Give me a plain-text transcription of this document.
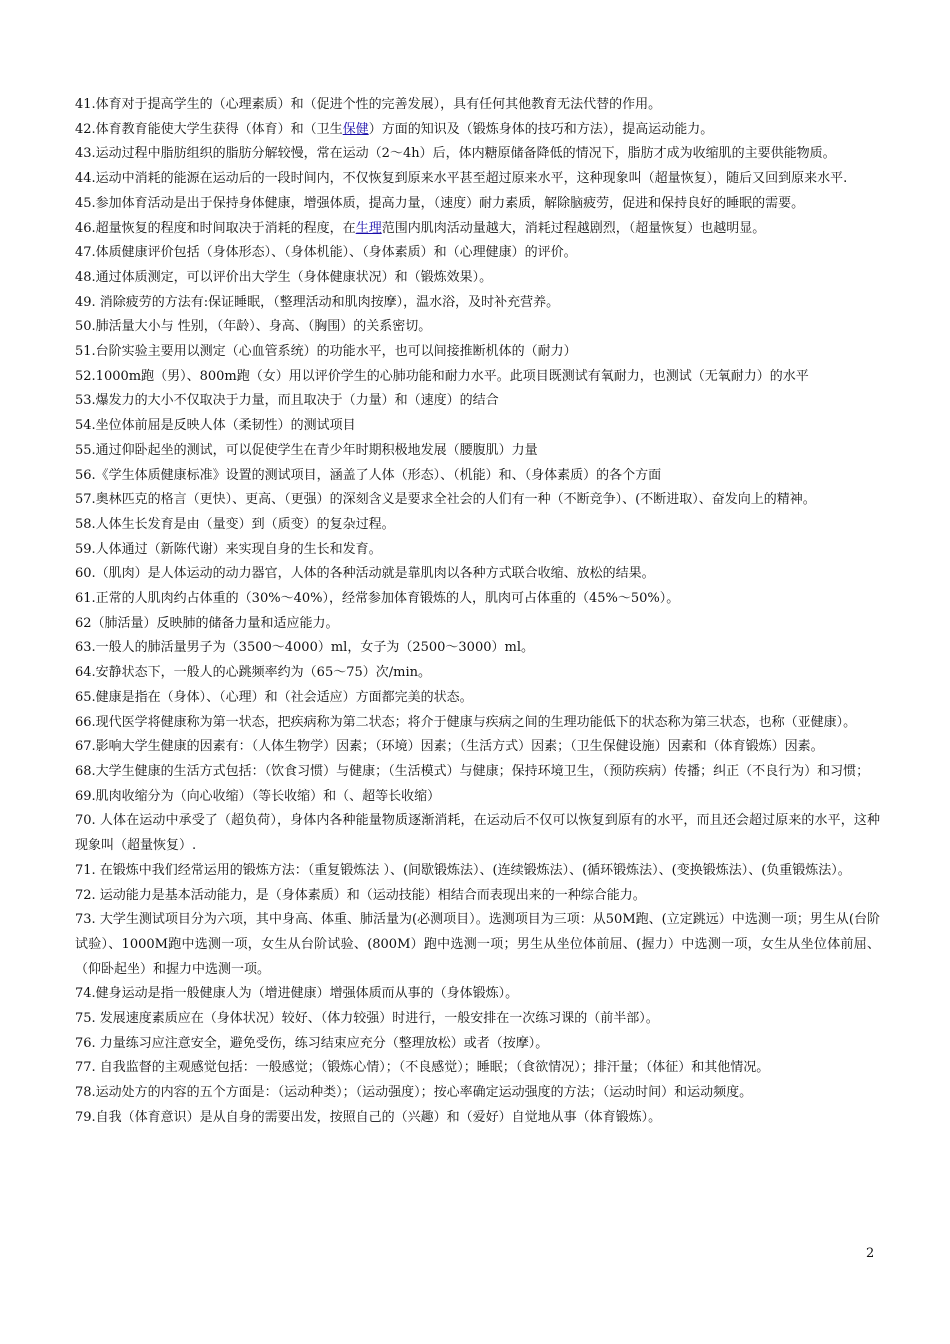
41.体育对于提高学生的（心理素质）和（促进个性的完善发展），具有任何其他教育无法代替的作用。

42.体育教育能使大学生获得（体育）和（卫生保健）方面的知识及（锻炼身体的技巧和方法），提高运动能力。

43.运动过程中脂肪组织的脂肪分解较慢，常在运动（2～4h）后，体内糖原储备降低的情况下，脂肪才成为收缩肌的主要供能物质。

44.运动中消耗的能源在运动后的一段时间内，不仅恢复到原来水平甚至超过原来水平，这种现象叫（超量恢复），随后又回到原来水平.

45.参加体育活动是出于保持身体健康，增强体质，提高力量，（速度）耐力素质，解除脑疲劳，促进和保持良好的睡眠的需要。

46.超量恢复的程度和时间取决于消耗的程度，在生理范围内肌肉活动量越大，消耗过程越剧烈，（超量恢复）也越明显。

47.体质健康评价包括（身体形态）、（身体机能）、（身体素质）和（心理健康）的评价。

48.通过体质测定，可以评价出大学生（身体健康状况）和（锻炼效果）。

49. 消除疲劳的方法有:保证睡眠，（整理活动和肌肉按摩），温水浴，及时补充营养。

50.肺活量大小与 性别，（年龄）、身高、（胸围）的关系密切。

51.台阶实验主要用以测定（心血管系统）的功能水平，也可以间接推断机体的（耐力）

52.1000m跑（男）、800m跑（女）用以评价学生的心肺功能和耐力水平。此项目既测试有氧耐力，也测试（无氧耐力）的水平

53.爆发力的大小不仅取决于力量，而且取决于（力量）和（速度）的结合

54.坐位体前屈是反映人体（柔韧性）的测试项目

55.通过仰卧起坐的测试，可以促使学生在青少年时期积极地发展（腰腹肌）力量

56.《学生体质健康标准》设置的测试项目，涵盖了人体（形态）、（机能）和、（身体素质）的各个方面

57.奥林匹克的格言（更快）、更高、（更强）的深刻含义是要求全社会的人们有一种（不断竞争）、(不断进取）、奋发向上的精神。

58.人体生长发育是由（量变）到（质变）的复杂过程。

59.人体通过（新陈代谢）来实现自身的生长和发育。

60.（肌肉）是人体运动的动力器官，人体的各种活动就是靠肌肉以各种方式联合收缩、放松的结果。

61.正常的人肌肉约占体重的（30%～40%），经常参加体育锻炼的人，肌肉可占体重的（45%～50%）。

62（肺活量）反映肺的储备力量和适应能力。

63.一般人的肺活量男子为（3500～4000）ml，女子为（2500～3000）ml。

64.安静状态下，一般人的心跳频率约为（65～75）次/min。

65.健康是指在（身体）、（心理）和（社会适应）方面都完美的状态。

66.现代医学将健康称为第一状态，把疾病称为第二状态；将介于健康与疾病之间的生理功能低下的状态称为第三状态，也称（亚健康）。

67.影响大学生健康的因素有：（人体生物学）因素；（环境）因素；（生活方式）因素；（卫生保健设施）因素和（体育锻炼）因素。

68.大学生健康的生活方式包括：（饮食习惯）与健康；（生活模式）与健康；保持环境卫生，（预防疾病）传播；纠正（不良行为）和习惯；

69.肌肉收缩分为（向心收缩）（等长收缩）和（、超等长收缩）

70. 人体在运动中承受了（超负荷），身体内各种能量物质逐渐消耗，在运动后不仅可以恢复到原有的水平，而且还会超过原来的水平，这种现象叫（超量恢复）.

71. 在锻炼中我们经常运用的锻炼方法：（重复锻炼法 ）、(间歇锻炼法）、(连续锻炼法）、(循环锻炼法）、(变换锻炼法）、(负重锻炼法）。

72. 运动能力是基本活动能力，是（身体素质）和（运动技能）相结合而表现出来的一种综合能力。

73. 大学生测试项目分为六项，其中身高、体重、肺活量为(必测项目）。选测项目为三项：从50M跑、(立定跳远）中选测一项；男生从(台阶试验）、1000M跑中选测一项，女生从台阶试验、(800M）跑中选测一项；男生从坐位体前屈、(握力）中选测一项，女生从坐位体前屈、（仰卧起坐）和握力中选测一项。

74.健身运动是指一般健康人为（增进健康）增强体质而从事的（身体锻炼）。

75. 发展速度素质应在（身体状况）较好、（体力较强）时进行，一般安排在一次练习课的（前半部）。

76. 力量练习应注意安全，避免受伤，练习结束应充分（整理放松）或者（按摩）。

77. 自我监督的主观感觉包括：一般感觉；（锻炼心情）；（不良感觉）；睡眠；（食欲情况）；排汗量；（体征）和其他情况。

78.运动处方的内容的五个方面是：（运动种类）；（运动强度）；按心率确定运动强度的方法；（运动时间）和运动频度。

79.自我（体育意识）是从自身的需要出发，按照自己的（兴趣）和（爱好）自觉地从事（体育锻炼）。

2
